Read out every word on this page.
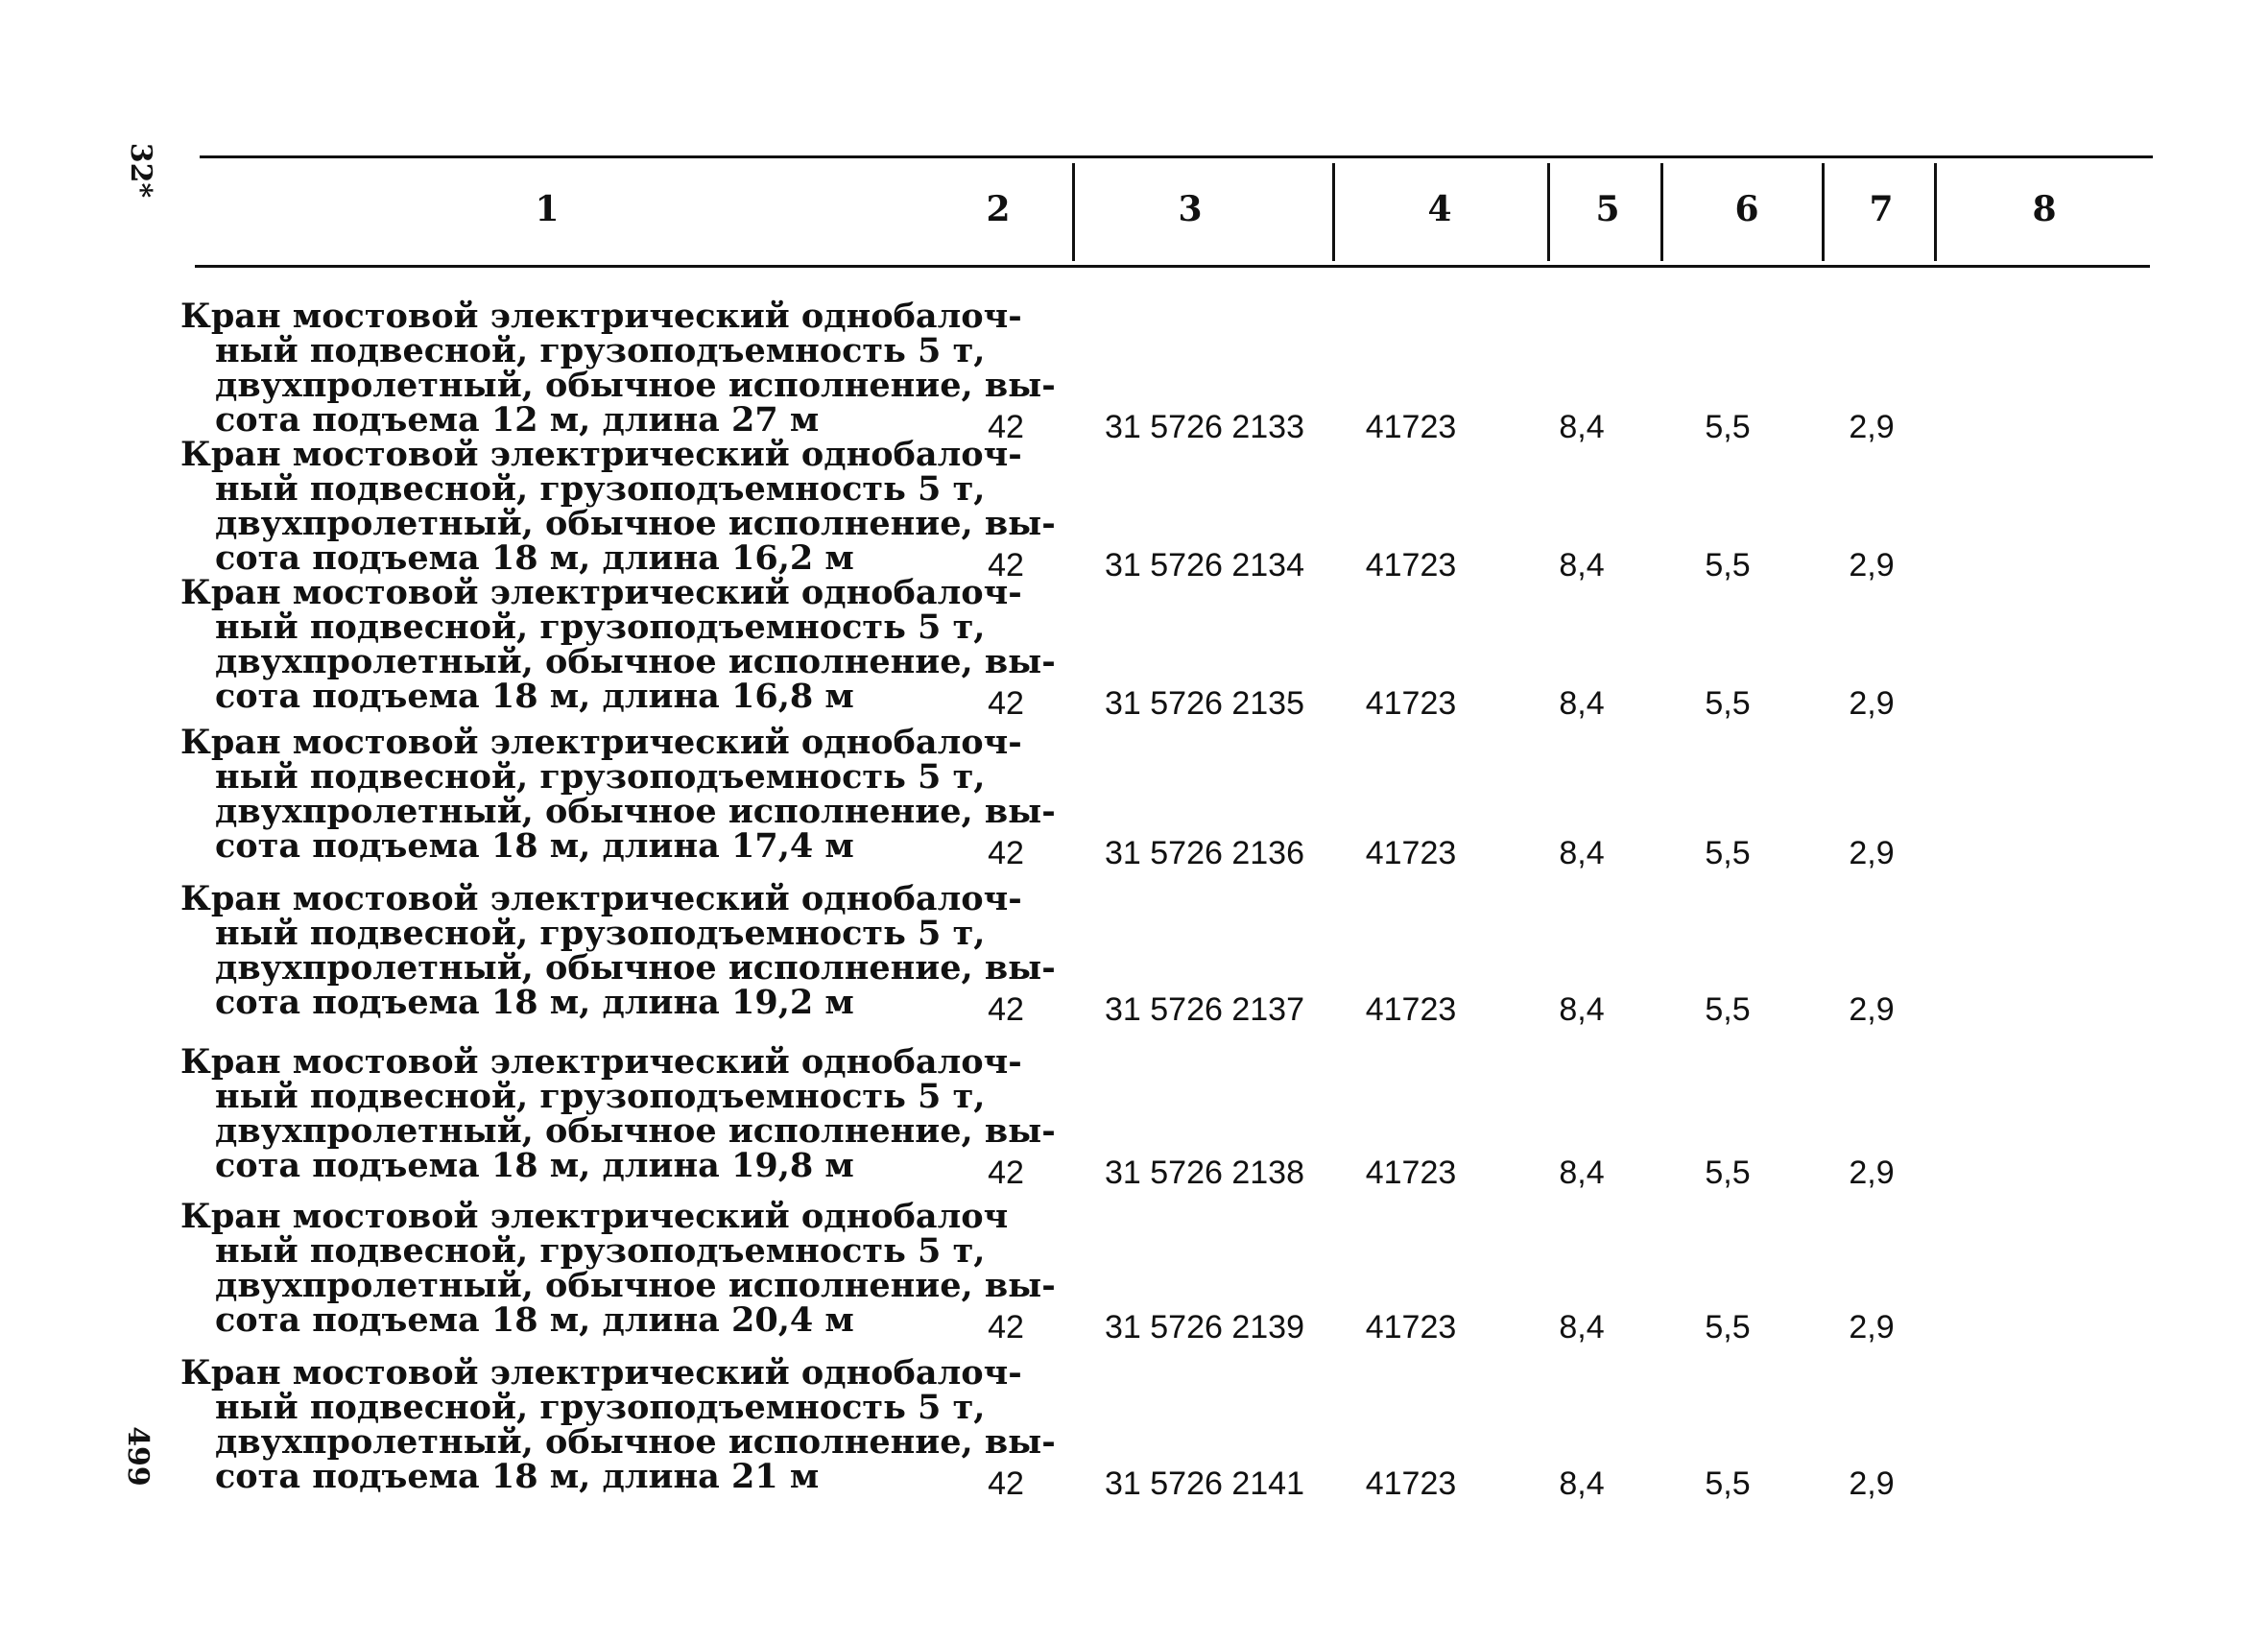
32*
499
1	2	3	4	5	6	7	8
Кран мостовой электрический однобалоч-
ный подвесной, грузоподъемность 5 т,
двухпролетный, обычное исполнение, вы-
сота подъема 12 м, длина 27 м	42	31 5726 2133	41723	8,4	5,5	2,9
Кран мостовой электрический однобалоч-
ный подвесной, грузоподъемность 5 т,
двухпролетный, обычное исполнение, вы-
сота подъема 18 м, длина 16,2 м	42	31 5726 2134	41723	8,4	5,5	2,9
Кран мостовой электрический однобалоч-
ный подвесной, грузоподъемность 5 т,
двухпролетный, обычное исполнение, вы-
сота подъема 18 м, длина 16,8 м	42	31 5726 2135	41723	8,4	5,5	2,9
Кран мостовой электрический однобалоч-
ный подвесной, грузоподъемность 5 т,
двухпролетный, обычное исполнение, вы-
сота подъема 18 м, длина 17,4 м	42	31 5726 2136	41723	8,4	5,5	2,9
Кран мостовой электрический однобалоч-
ный подвесной, грузоподъемность 5 т,
двухпролетный, обычное исполнение, вы-
сота подъема 18 м, длина 19,2 м	42	31 5726 2137	41723	8,4	5,5	2,9
Кран мостовой электрический однобалоч-
ный подвесной, грузоподъемность 5 т,
двухпролетный, обычное исполнение, вы-
сота подъема 18 м, длина 19,8 м	42	31 5726 2138	41723	8,4	5,5	2,9
Кран мостовой электрический однобалоч
ный подвесной, грузоподъемность 5 т,
двухпролетный, обычное исполнение, вы-
сота подъема 18 м, длина 20,4 м	42	31 5726 2139	41723	8,4	5,5	2,9
Кран мостовой электрический однобалоч-
ный подвесной, грузоподъемность 5 т,
двухпролетный, обычное исполнение, вы-
сота подъема 18 м, длина 21 м	42	31 5726 2141	41723	8,4	5,5	2,9
